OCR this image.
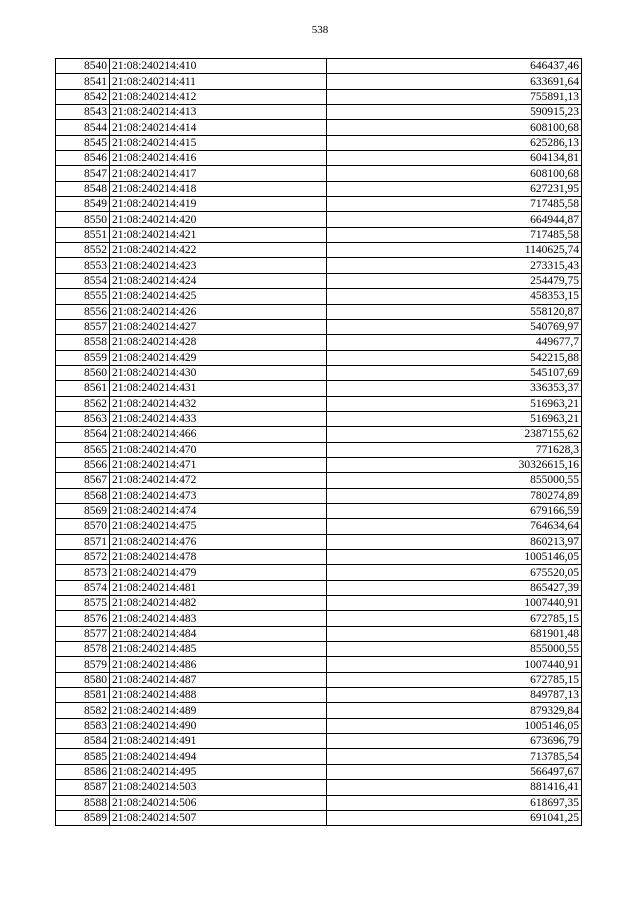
538
8540	21:08:240214:410	646437,46
8541	21:08:240214:411	633691,64
8542	21:08:240214:412	755891,13
8543	21:08:240214:413	590915,23
8544	21:08:240214:414	608100,68
8545	21:08:240214:415	625286,13
8546	21:08:240214:416	604134,81
8547	21:08:240214:417	608100,68
8548	21:08:240214:418	627231,95
8549	21:08:240214:419	717485,58
8550	21:08:240214:420	664944,87
8551	21:08:240214:421	717485,58
8552	21:08:240214:422	1140625,74
8553	21:08:240214:423	273315,43
8554	21:08:240214:424	254479,75
8555	21:08:240214:425	458353,15
8556	21:08:240214:426	558120,87
8557	21:08:240214:427	540769,97
8558	21:08:240214:428	449677,7
8559	21:08:240214:429	542215,88
8560	21:08:240214:430	545107,69
8561	21:08:240214:431	336353,37
8562	21:08:240214:432	516963,21
8563	21:08:240214:433	516963,21
8564	21:08:240214:466	2387155,62
8565	21:08:240214:470	771628,3
8566	21:08:240214:471	30326615,16
8567	21:08:240214:472	855000,55
8568	21:08:240214:473	780274,89
8569	21:08:240214:474	679166,59
8570	21:08:240214:475	764634,64
8571	21:08:240214:476	860213,97
8572	21:08:240214:478	1005146,05
8573	21:08:240214:479	675520,05
8574	21:08:240214:481	865427,39
8575	21:08:240214:482	1007440,91
8576	21:08:240214:483	672785,15
8577	21:08:240214:484	681901,48
8578	21:08:240214:485	855000,55
8579	21:08:240214:486	1007440,91
8580	21:08:240214:487	672785,15
8581	21:08:240214:488	849787,13
8582	21:08:240214:489	879329,84
8583	21:08:240214:490	1005146,05
8584	21:08:240214:491	673696,79
8585	21:08:240214:494	713785,54
8586	21:08:240214:495	566497,67
8587	21:08:240214:503	881416,41
8588	21:08:240214:506	618697,35
8589	21:08:240214:507	691041,25
